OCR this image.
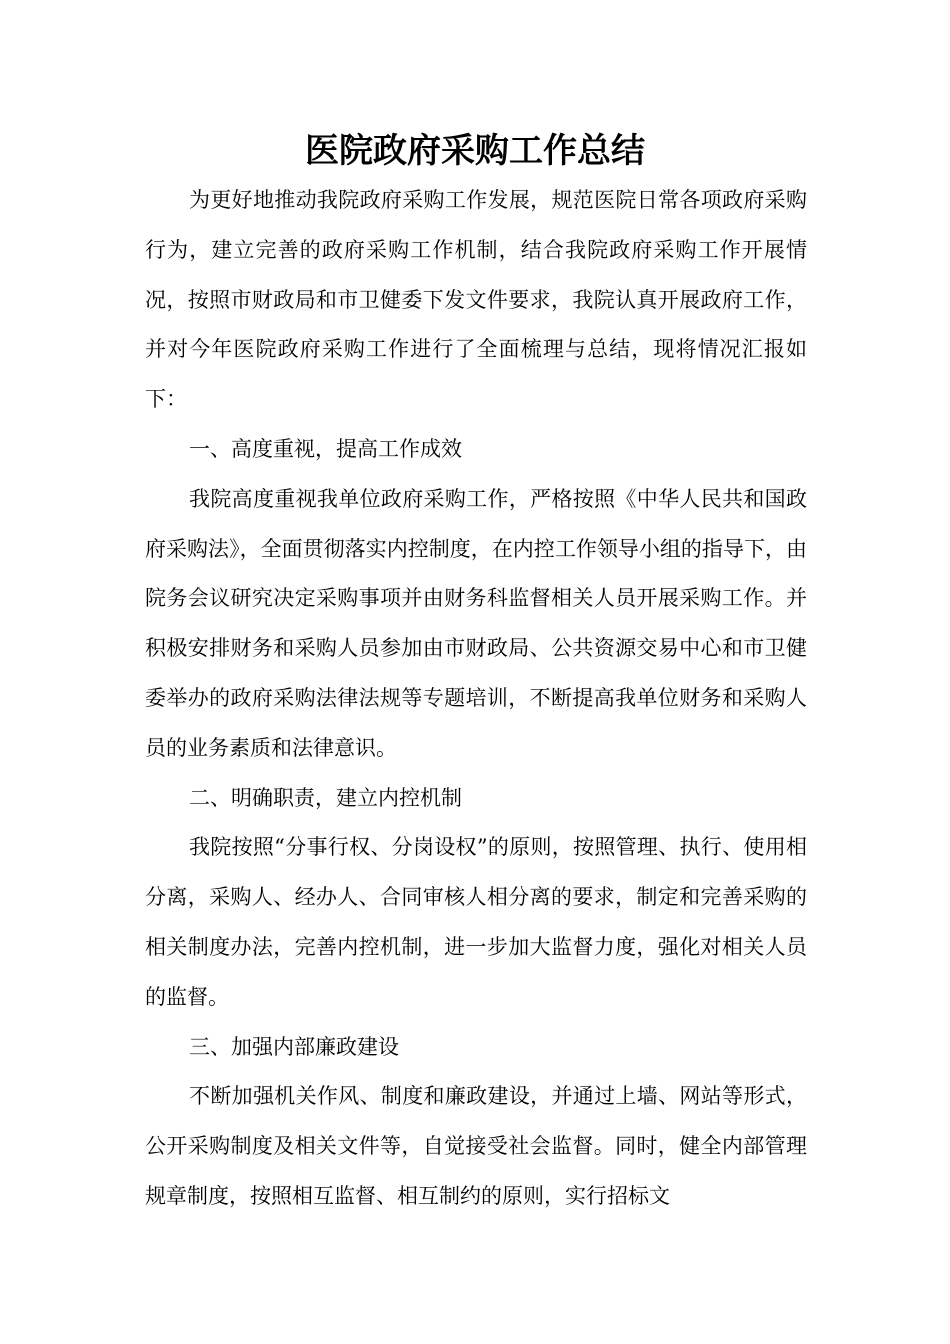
医院政府采购工作总结

为更好地推动我院政府采购工作发展，规范医院日常各项政府采购行为，建立完善的政府采购工作机制，结合我院政府采购工作开展情况，按照市财政局和市卫健委下发文件要求，我院认真开展政府工作，并对今年医院政府采购工作进行了全面梳理与总结，现将情况汇报如下：

一、高度重视，提高工作成效

我院高度重视我单位政府采购工作，严格按照《中华人民共和国政府采购法》，全面贯彻落实内控制度，在内控工作领导小组的指导下，由院务会议研究决定采购事项并由财务科监督相关人员开展采购工作。并积极安排财务和采购人员参加由市财政局、公共资源交易中心和市卫健委举办的政府采购法律法规等专题培训，不断提高我单位财务和采购人员的业务素质和法律意识。

二、明确职责，建立内控机制

我院按照“分事行权、分岗设权”的原则，按照管理、执行、使用相分离，采购人、经办人、合同审核人相分离的要求，制定和完善采购的相关制度办法，完善内控机制，进一步加大监督力度，强化对相关人员的监督。

三、加强内部廉政建设

不断加强机关作风、制度和廉政建设，并通过上墙、网站等形式，公开采购制度及相关文件等，自觉接受社会监督。同时，健全内部管理规章制度，按照相互监督、相互制约的原则，实行招标文
